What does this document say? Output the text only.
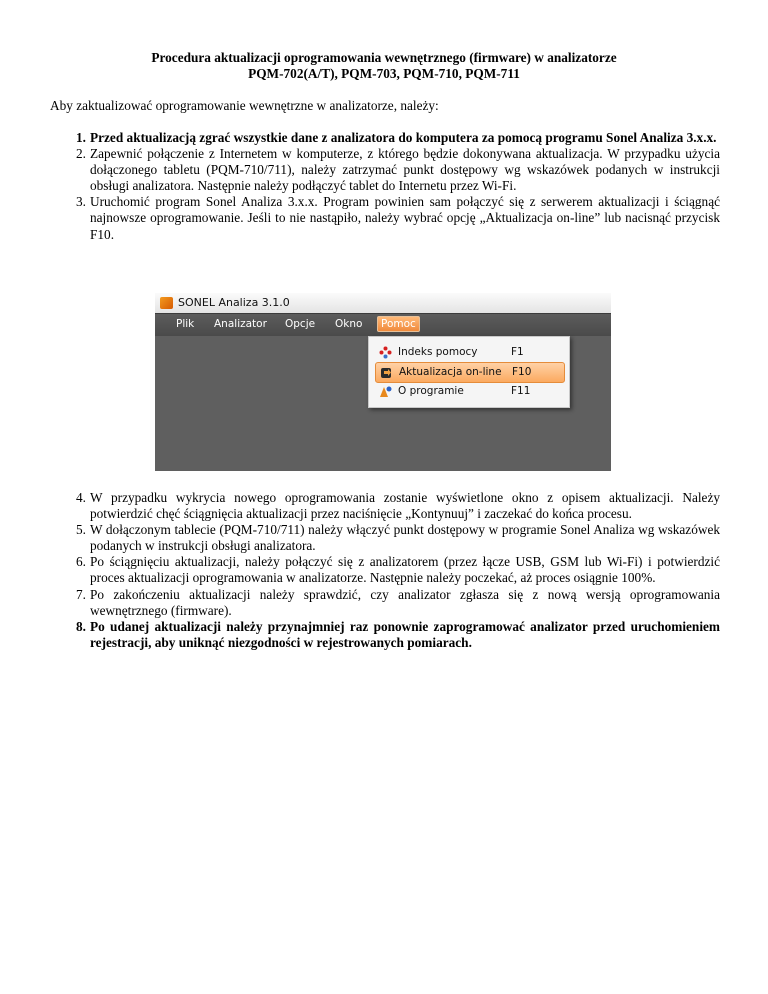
Procedura aktualizacji oprogramowania wewnętrznego (firmware) w analizatorze
PQM-702(A/T), PQM-703, PQM-710, PQM-711
Aby zaktualizować oprogramowanie wewnętrzne w analizatorze, należy:
1. Przed aktualizacją zgrać wszystkie dane z analizatora do komputera za pomocą programu Sonel Analiza 3.x.x.
2. Zapewnić połączenie z Internetem w komputerze, z którego będzie dokonywana aktualizacja. W przypadku użycia dołączonego tabletu (PQM-710/711), należy zatrzymać punkt dostępowy wg wskazówek podanych w instrukcji obsługi analizatora. Następnie należy podłączyć tablet do Internetu przez Wi-Fi.
3. Uruchomić program Sonel Analiza 3.x.x. Program powinien sam połączyć się z serwerem aktualizacji i ściągnąć najnowsze oprogramowanie. Jeśli to nie nastąpiło, należy wybrać opcję „Aktualizacja on-line” lub nacisnąć przycisk F10.
SONEL Analiza 3.1.0
Plik Analizator Opcje Okno	Pomoc
Indeks pomocy	F1
Aktualizacja on-line F10
O programie	F11
4. W przypadku wykrycia nowego oprogramowania zostanie wyświetlone okno z opisem aktualizacji. Należy potwierdzić chęć ściągnięcia aktualizacji przez naciśnięcie „Kontynuuj” i zaczekać do końca procesu.
5. W dołączonym tablecie (PQM-710/711) należy włączyć punkt dostępowy w programie Sonel Analiza wg wskazówek podanych w instrukcji obsługi analizatora.
6. Po ściągnięciu aktualizacji, należy połączyć się z analizatorem (przez łącze USB, GSM lub Wi-Fi) i potwierdzić proces aktualizacji oprogramowania w analizatorze. Następnie należy poczekać, aż proces osiągnie 100%.
7. Po zakończeniu aktualizacji należy sprawdzić, czy analizator zgłasza się z nową wersją oprogramowania wewnętrznego (firmware).
8. Po udanej aktualizacji należy przynajmniej raz ponownie zaprogramować analizator przed uruchomieniem rejestracji, aby uniknąć niezgodności w rejestrowanych pomiarach.
